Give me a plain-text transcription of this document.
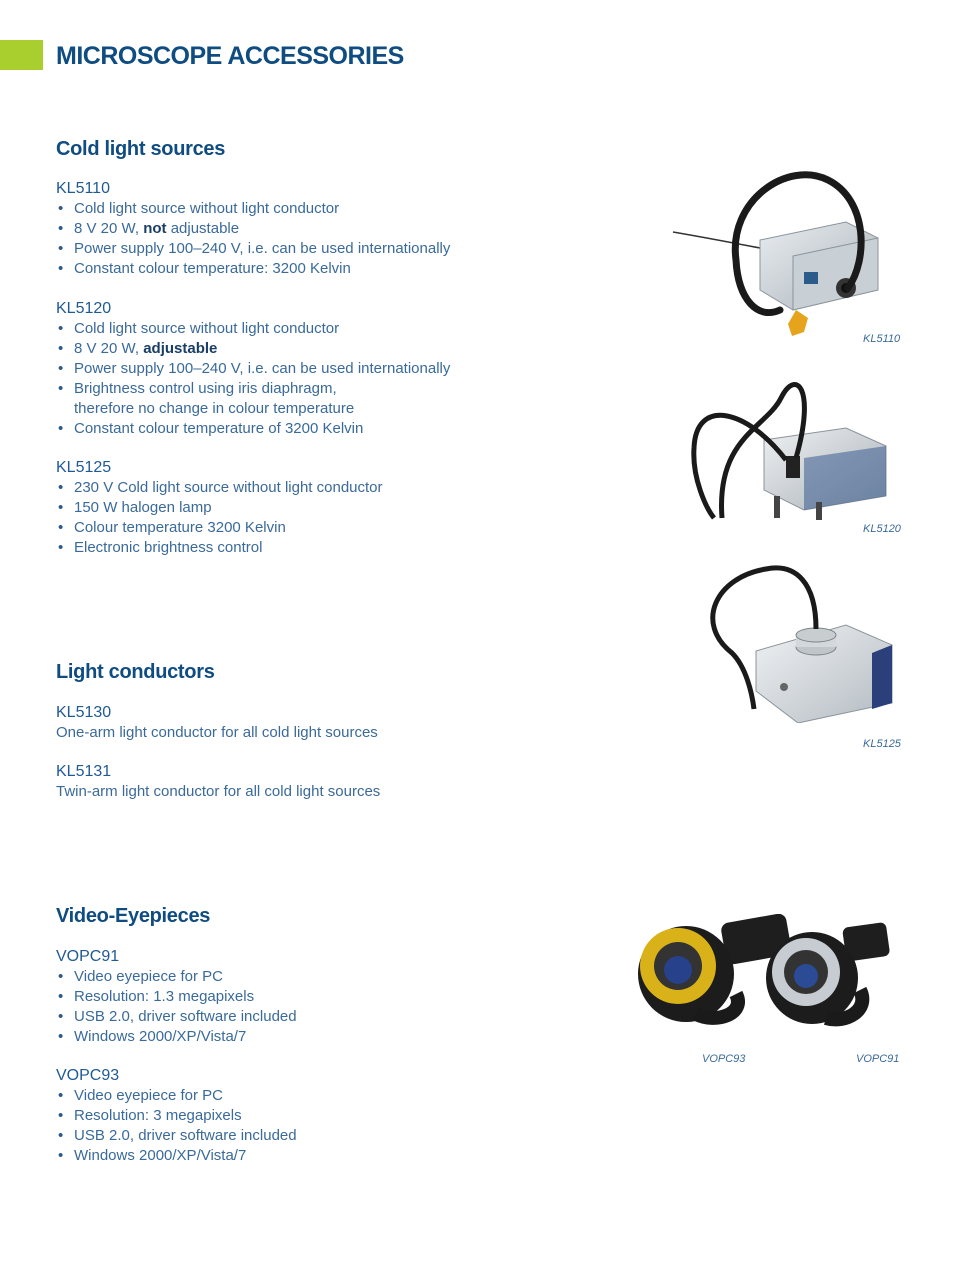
MICROSCOPE ACCESSORIES
Cold light sources

KL5110

• Cold light source without light conductor
• 8 V 20 W, not adjustable
• Power supply 100–240 V, i.e. can be used internationally
• Constant colour temperature: 3200 Kelvin

KL5120

• Cold light source without light conductor
• 8 V 20 W, adjustable
• Power supply 100–240 V, i.e. can be used internationally
• Brightness control using iris diaphragm,
therefore no change in colour temperature
• Constant colour temperature of 3200 Kelvin

KL5125

• 230 V Cold light source without light conductor
• 150 W halogen lamp
• Colour temperature 3200 Kelvin
• Electronic brightness control
Light conductors

KL5130

One-arm light conductor for all cold light sources

KL5131

Twin-arm light conductor for all cold light sources

Video-Eyepieces

VOPC91

• Video eyepiece for PC
• Resolution: 1.3 megapixels
• USB 2.0, driver software included
• Windows 2000/XP/Vista/7

VOPC93

• Video eyepiece for PC
• Resolution: 3 megapixels
• USB 2.0, driver software included
• Windows 2000/XP/Vista/7
KL5110
KL5120
KL5125
VOPC93	VOPC91
